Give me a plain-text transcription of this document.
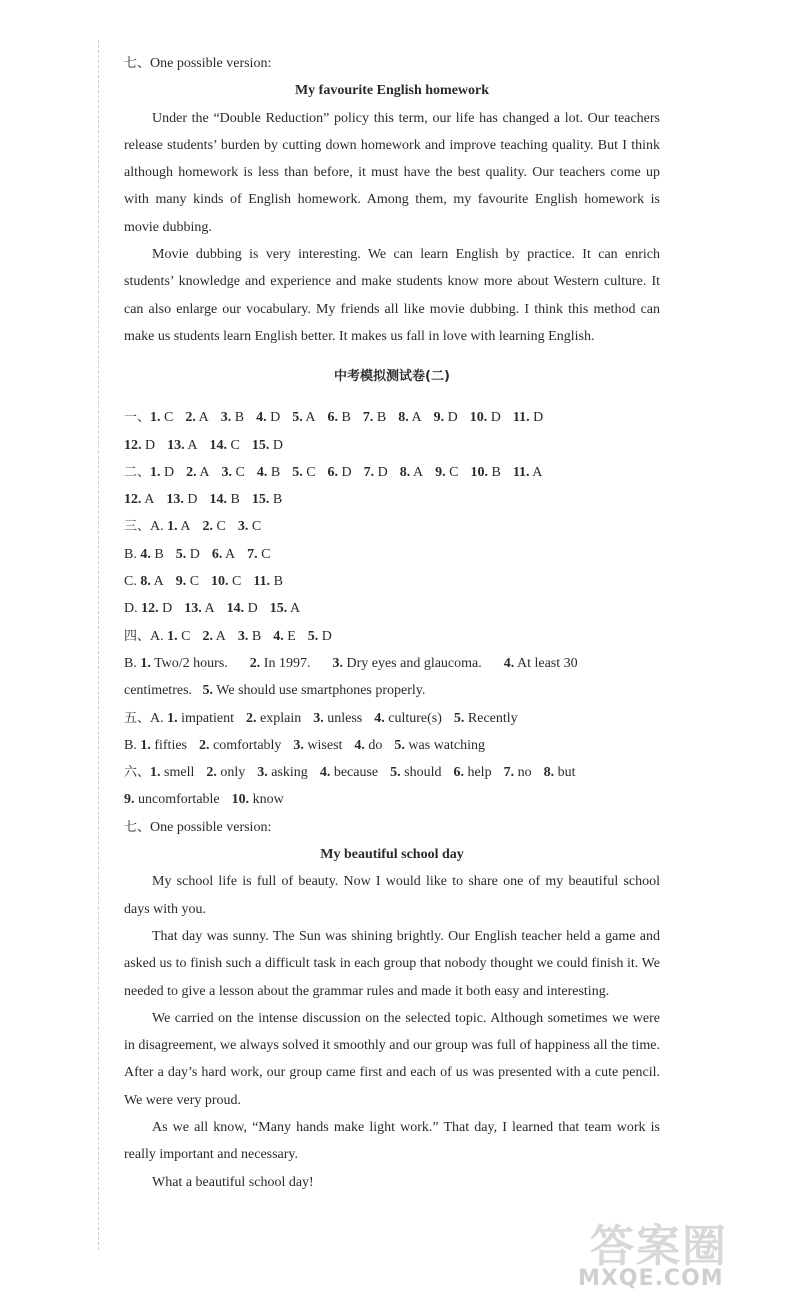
七、One possible version:
My favourite English homework

Under the “Double Reduction” policy this term, our life has changed a lot. Our teachers release students’ burden by cutting down homework and improve teaching quality. But I think although homework is less than before, it must have the best quality. Our teachers come up with many kinds of English homework. Among them, my favourite English homework is movie dubbing.

Movie dubbing is very interesting. We can learn English by practice. It can enrich students’ knowledge and experience and make students know more about Western culture. It can also enlarge our vocabulary. My friends all like movie dubbing. I think this method can make us students learn English better. It makes us fall in love with learning English.

中考模拟测试卷(二)
一、1. C 2. A 3. B 4. D 5. A 6. B 7. B 8. A 9. D 10. D 11. D
12. D 13. A 14. C 15. D
二、1. D 2. A 3. C 4. B 5. C 6. D 7. D 8. A 9. C 10. B 11. A
12. A 13. D 14. B 15. B
三、A. 1. A 2. C 3. C
B. 4. B 5. D 6. A 7. C
C. 8. A 9. C 10. C 11. B
D. 12. D 13. A 14. D 15. A
四、A. 1. C 2. A 3. B 4. E 5. D
B. 1. Two/2 hours. 2. In 1997. 3. Dry eyes and glaucoma. 4. At least 30
centimetres. 5. We should use smartphones properly.
五、A. 1. impatient 2. explain 3. unless 4. culture(s) 5. Recently
B. 1. fifties 2. comfortably 3. wisest 4. do 5. was watching
六、1. smell 2. only 3. asking 4. because 5. should 6. help 7. no 8. but
9. uncomfortable 10. know
七、One possible version:
My beautiful school day

My school life is full of beauty. Now I would like to share one of my beautiful school days with you.

That day was sunny. The Sun was shining brightly. Our English teacher held a game and asked us to finish such a difficult task in each group that nobody thought we could finish it. We needed to give a lesson about the grammar rules and made it both easy and interesting.

We carried on the intense discussion on the selected topic. Although sometimes we were in disagreement, we always solved it smoothly and our group was full of happiness all the time. After a day’s hard work, our group came first and each of us was presented with a cute pencil. We were very proud.

As we all know, “Many hands make light work.” That day, I learned that team work is really important and necessary.

What a beautiful school day!

答案圈
MXQE.COM
